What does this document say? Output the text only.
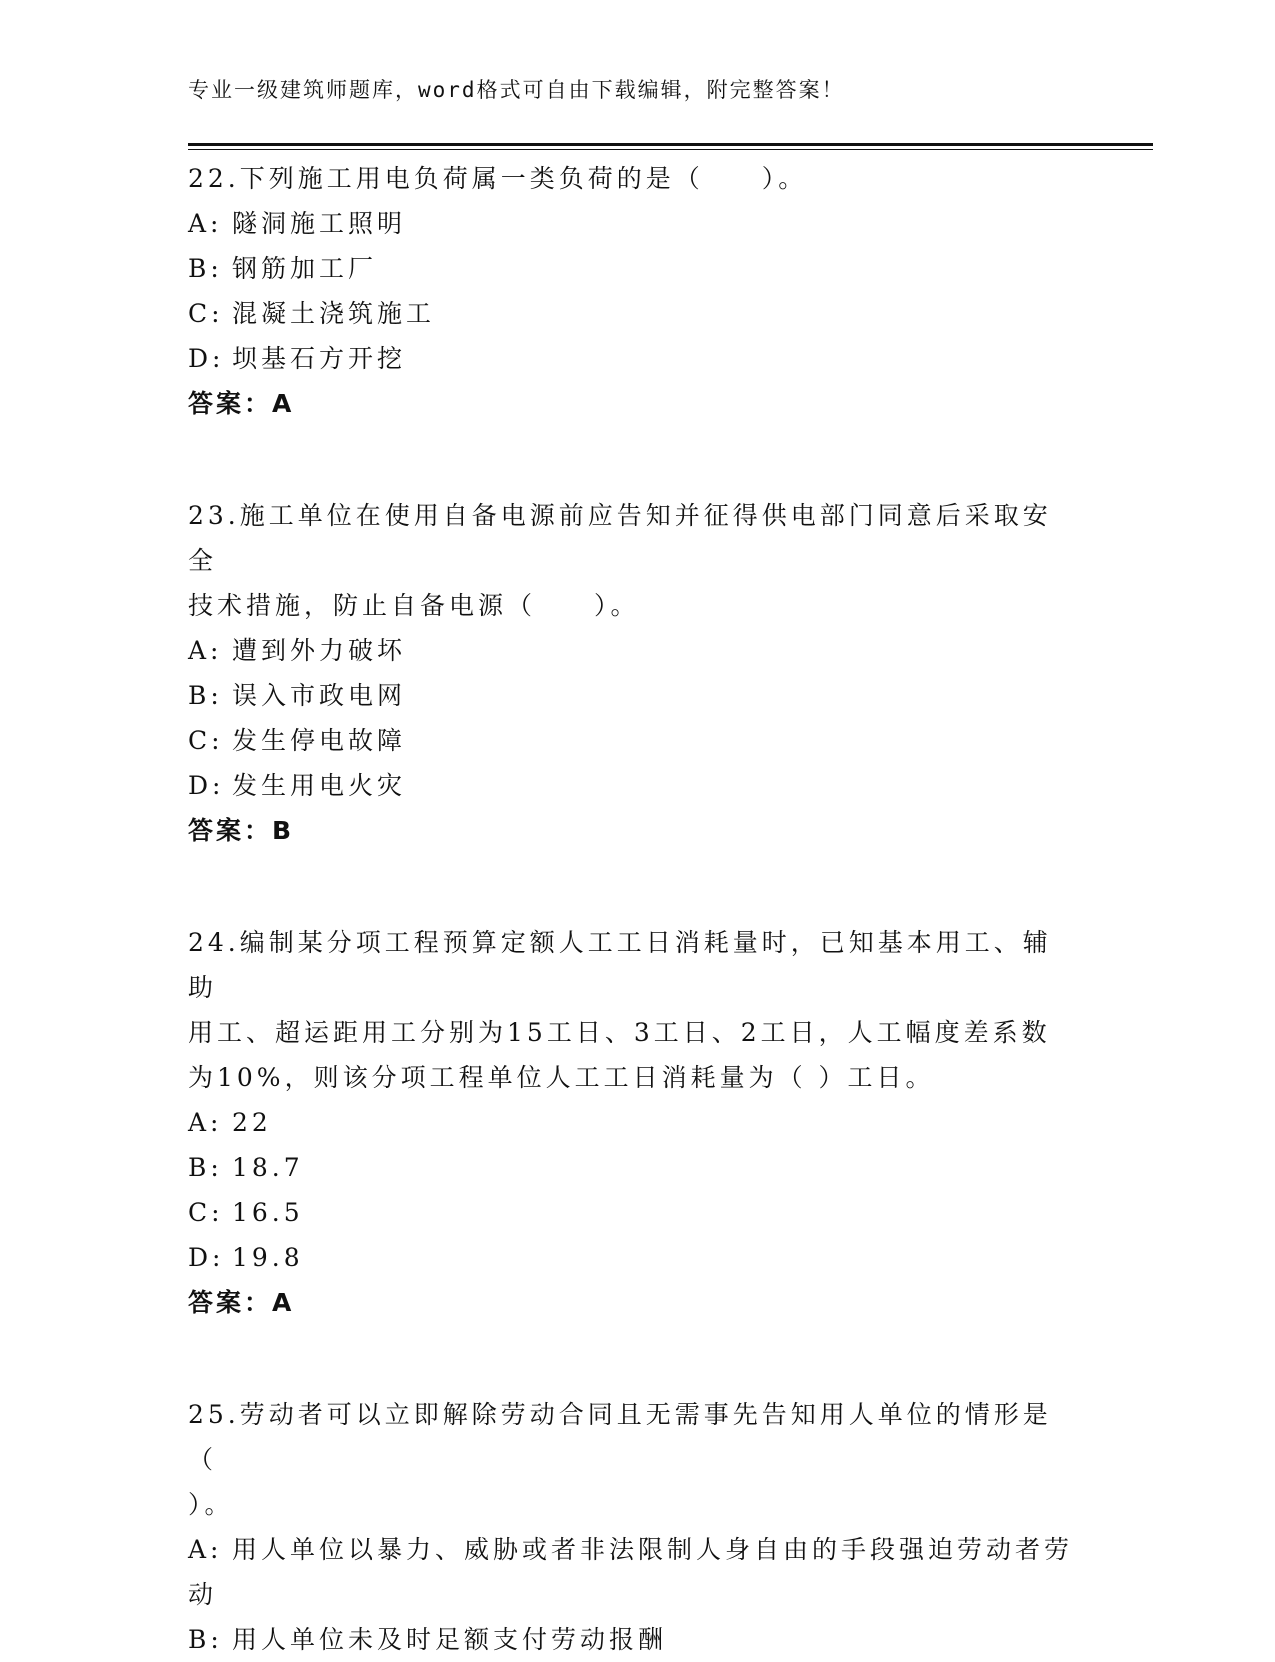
专业一级建筑师题库，word格式可自由下载编辑，附完整答案！
22.下列施工用电负荷属一类负荷的是（　　）。
A: 隧洞施工照明
B: 钢筋加工厂
C: 混凝土浇筑施工
D: 坝基石方开挖
答案：A
23.施工单位在使用自备电源前应告知并征得供电部门同意后采取安全
技术措施，防止自备电源（　　）。
A: 遭到外力破坏
B: 误入市政电网
C: 发生停电故障
D: 发生用电火灾
答案：B
24.编制某分项工程预算定额人工工日消耗量时，已知基本用工、辅助
用工、超运距用工分别为15工日、3工日、2工日，人工幅度差系数
为10%，则该分项工程单位人工工日消耗量为（ ）工日。
A: 22
B: 18.7
C: 16.5
D: 19.8
答案：A
25.劳动者可以立即解除劳动合同且无需事先告知用人单位的情形是（
）。
A: 用人单位以暴力、威胁或者非法限制人身自由的手段强迫劳动者劳
动
B: 用人单位未及时足额支付劳动报酬
